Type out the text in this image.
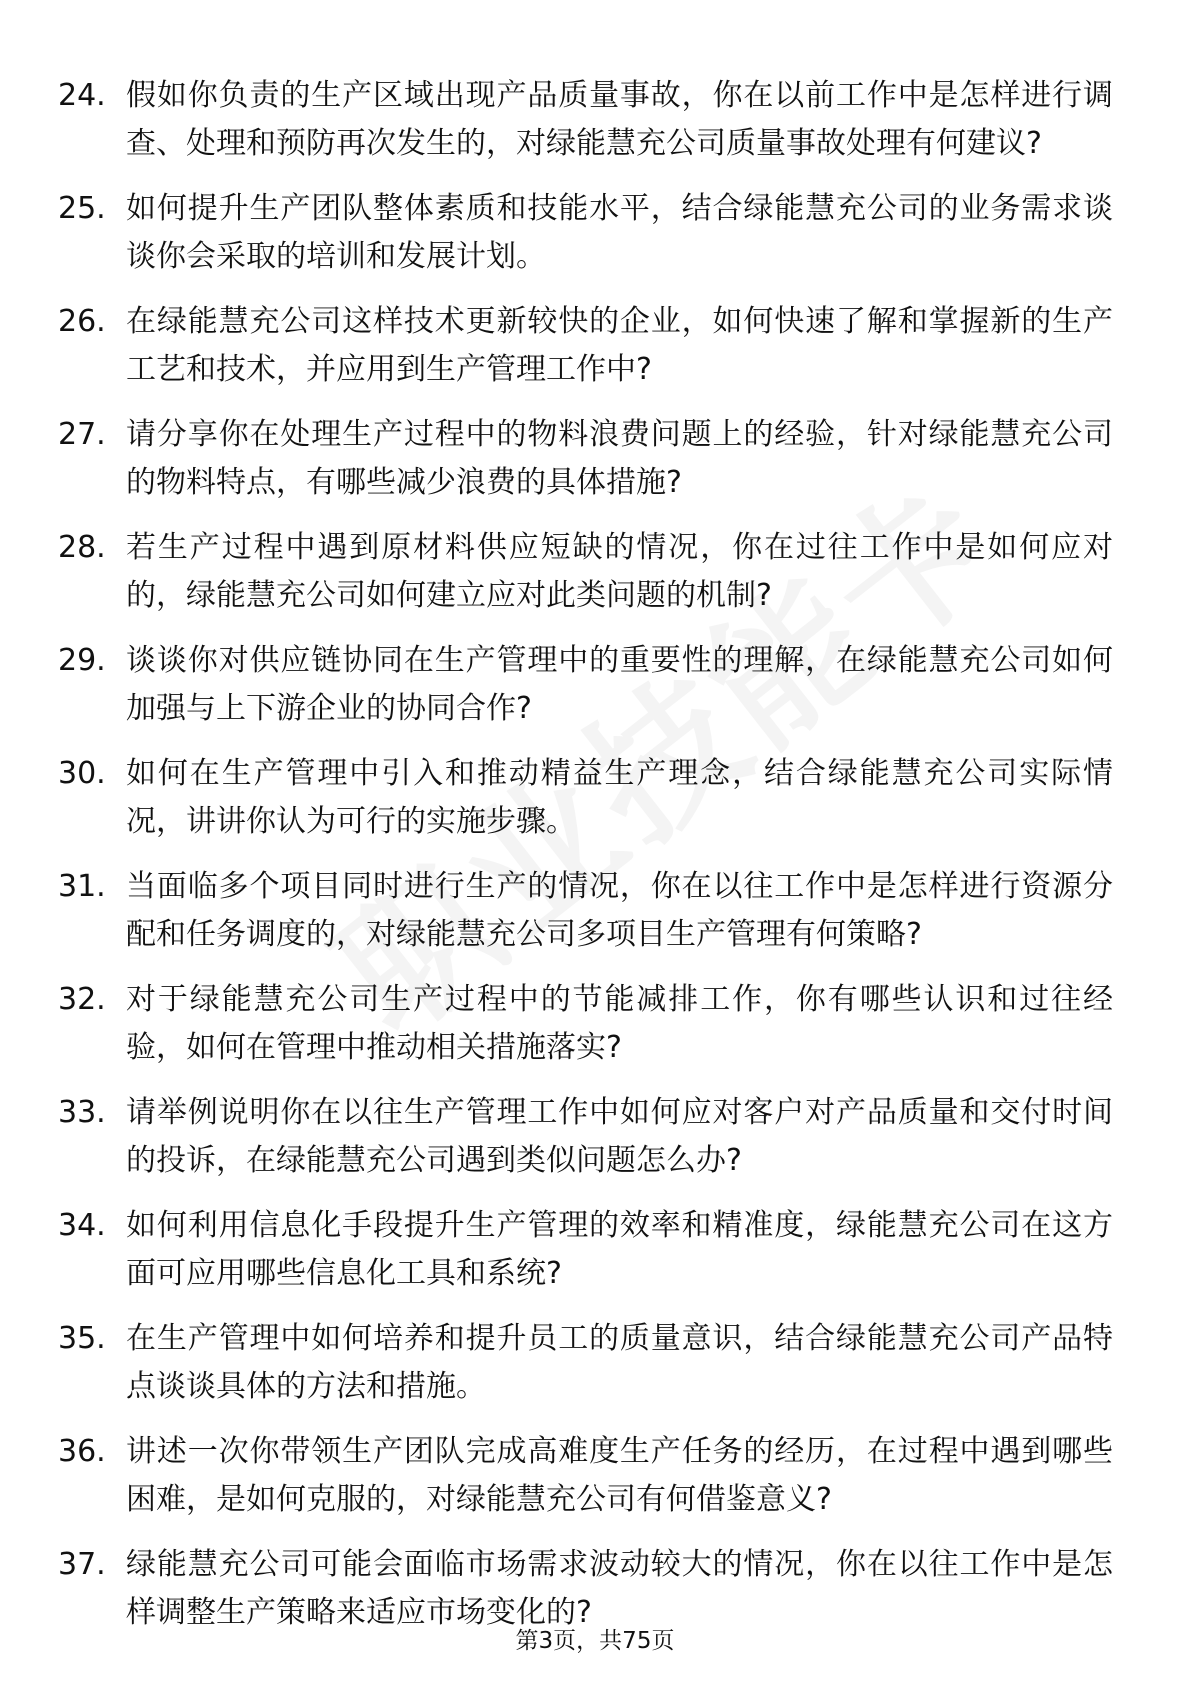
24. 假如你负责的生产区域出现产品质量事故，你在以前工作中是怎样进行调查、处理和预防再次发生的，对绿能慧充公司质量事故处理有何建议?
25. 如何提升生产团队整体素质和技能水平，结合绿能慧充公司的业务需求谈谈你会采取的培训和发展计划。
26. 在绿能慧充公司这样技术更新较快的企业，如何快速了解和掌握新的生产工艺和技术，并应用到生产管理工作中?
27. 请分享你在处理生产过程中的物料浪费问题上的经验，针对绿能慧充公司的物料特点，有哪些减少浪费的具体措施?
28. 若生产过程中遇到原材料供应短缺的情况，你在过往工作中是如何应对的，绿能慧充公司如何建立应对此类问题的机制?
29. 谈谈你对供应链协同在生产管理中的重要性的理解，在绿能慧充公司如何加强与上下游企业的协同合作?
30. 如何在生产管理中引入和推动精益生产理念，结合绿能慧充公司实际情况，讲讲你认为可行的实施步骤。
31. 当面临多个项目同时进行生产的情况，你在以往工作中是怎样进行资源分配和任务调度的，对绿能慧充公司多项目生产管理有何策略?
32. 对于绿能慧充公司生产过程中的节能减排工作，你有哪些认识和过往经验，如何在管理中推动相关措施落实?
33. 请举例说明你在以往生产管理工作中如何应对客户对产品质量和交付时间的投诉，在绿能慧充公司遇到类似问题怎么办?
34. 如何利用信息化手段提升生产管理的效率和精准度，绿能慧充公司在这方面可应用哪些信息化工具和系统?
35. 在生产管理中如何培养和提升员工的质量意识，结合绿能慧充公司产品特点谈谈具体的方法和措施。
36. 讲述一次你带领生产团队完成高难度生产任务的经历，在过程中遇到哪些困难，是如何克服的，对绿能慧充公司有何借鉴意义?
37. 绿能慧充公司可能会面临市场需求波动较大的情况，你在以往工作中是怎样调整生产策略来适应市场变化的?
第3页，共75页
